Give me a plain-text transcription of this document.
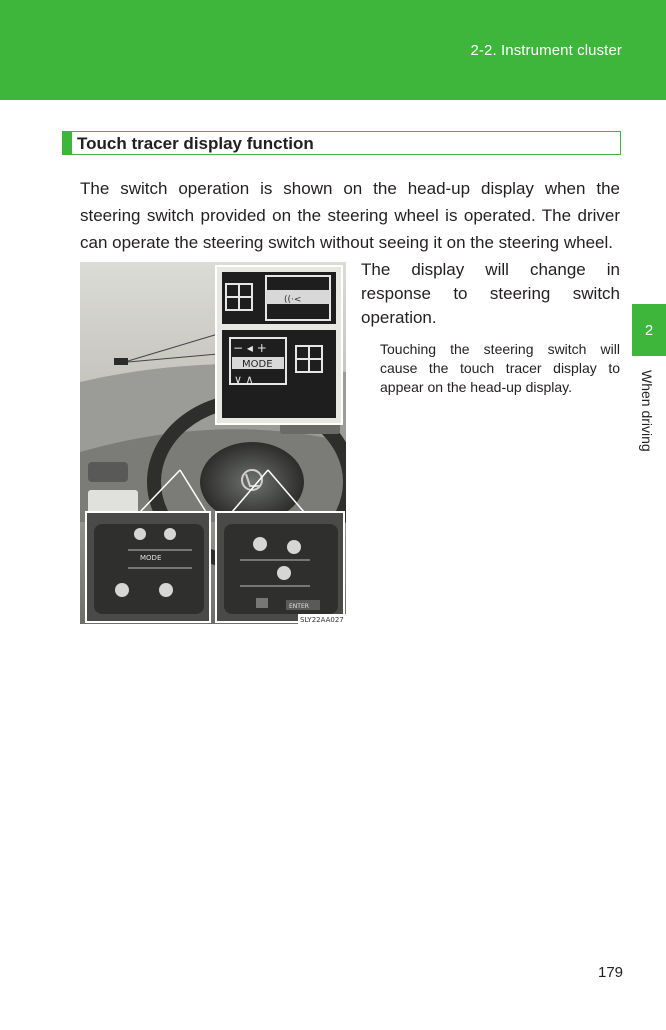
2-2. Instrument cluster
2
When driving
Touch tracer display function

The switch operation is shown on the head-up display when the steering switch provided on the steering wheel is operated. The driver can operate the steering switch without seeing it on the steering wheel.

((·<
− ◂ +
MODE
∨ ∧
MODE
ENTER
SLY22AA027

The display will change in response to steering switch operation.

Touching the steering switch will cause the touch tracer display to appear on the head-up display.

179
